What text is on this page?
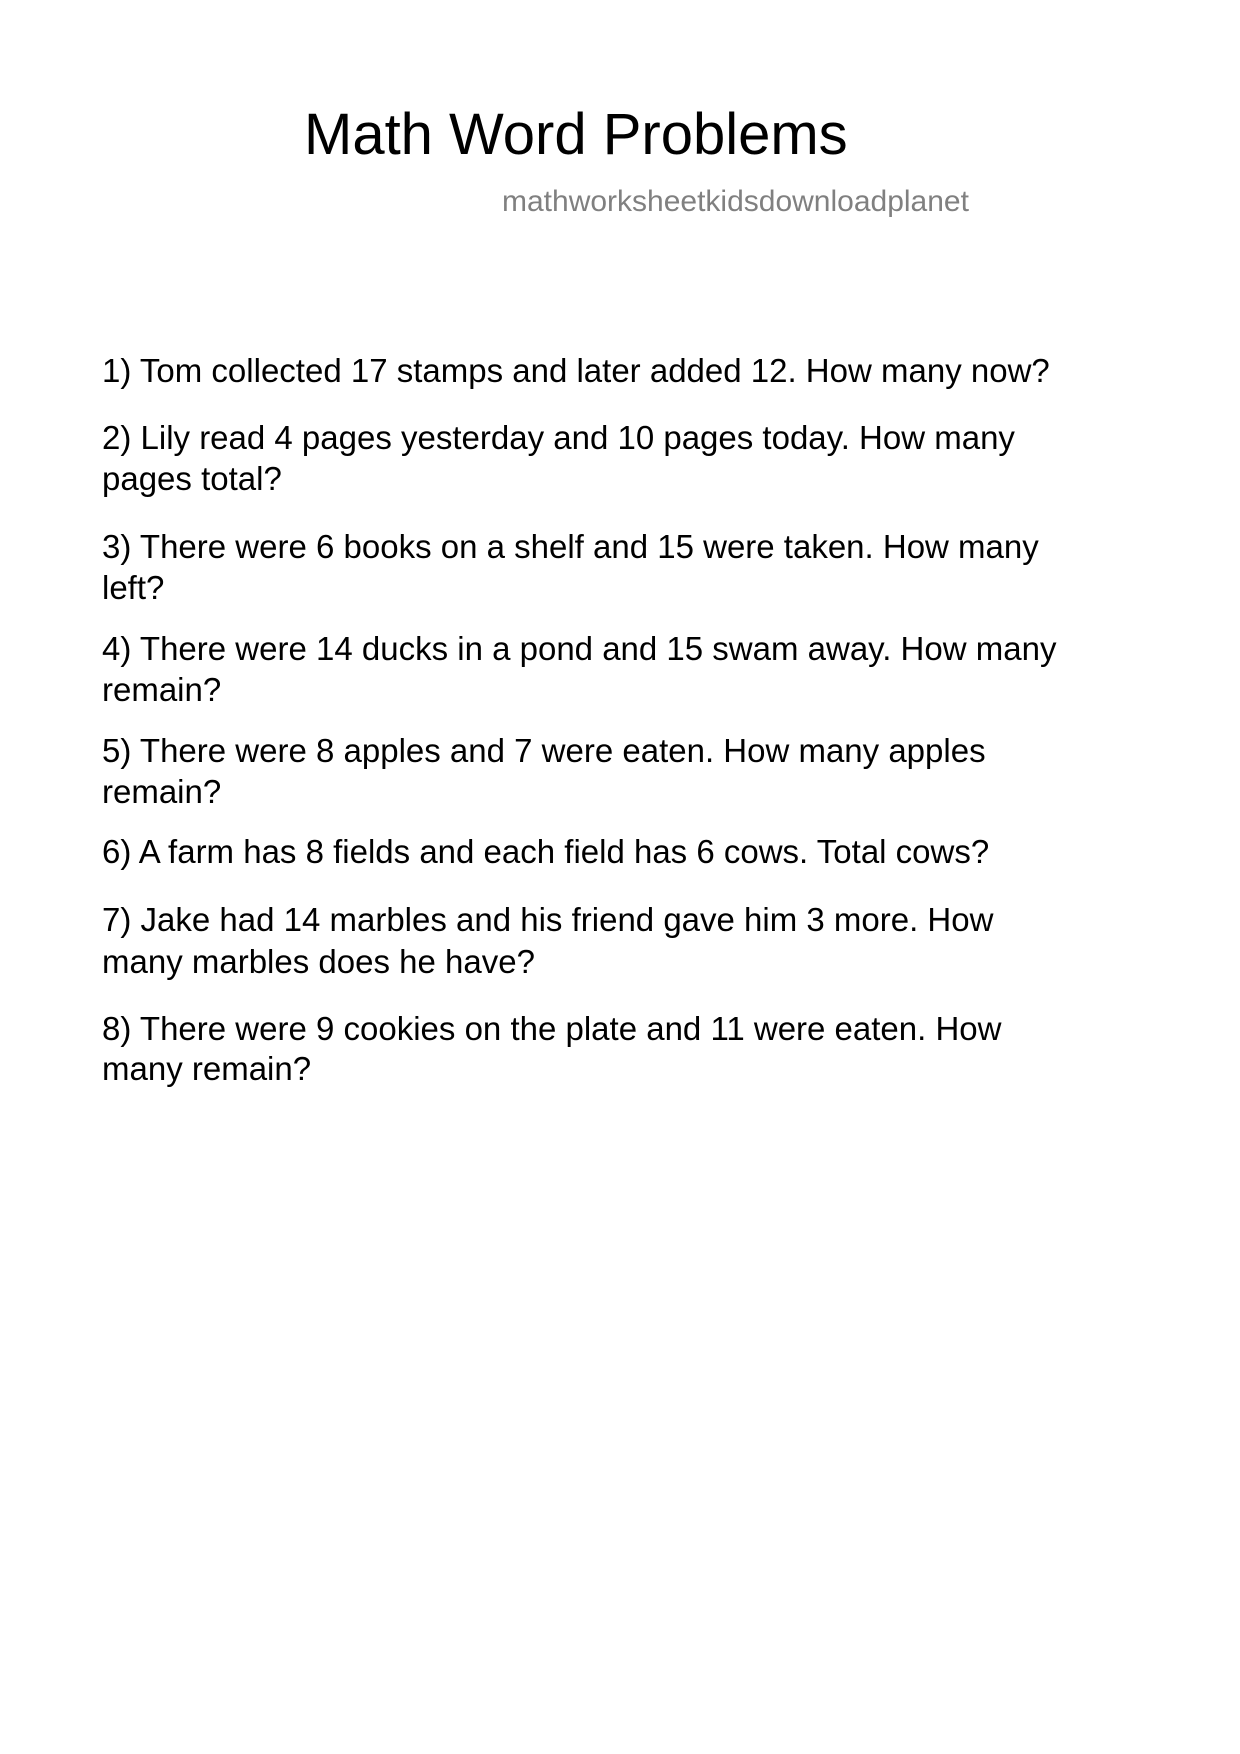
Math Word Problems
mathworksheetkidsdownloadplanet
1) Tom collected 17 stamps and later added 12. How many now?
2) Lily read 4 pages yesterday and 10 pages today. How many
pages total?
3) There were 6 books on a shelf and 15 were taken. How many
left?
4) There were 14 ducks in a pond and 15 swam away. How many
remain?
5) There were 8 apples and 7 were eaten. How many apples
remain?
6) A farm has 8 fields and each field has 6 cows. Total cows?
7) Jake had 14 marbles and his friend gave him 3 more. How
many marbles does he have?
8) There were 9 cookies on the plate and 11 were eaten. How
many remain?
